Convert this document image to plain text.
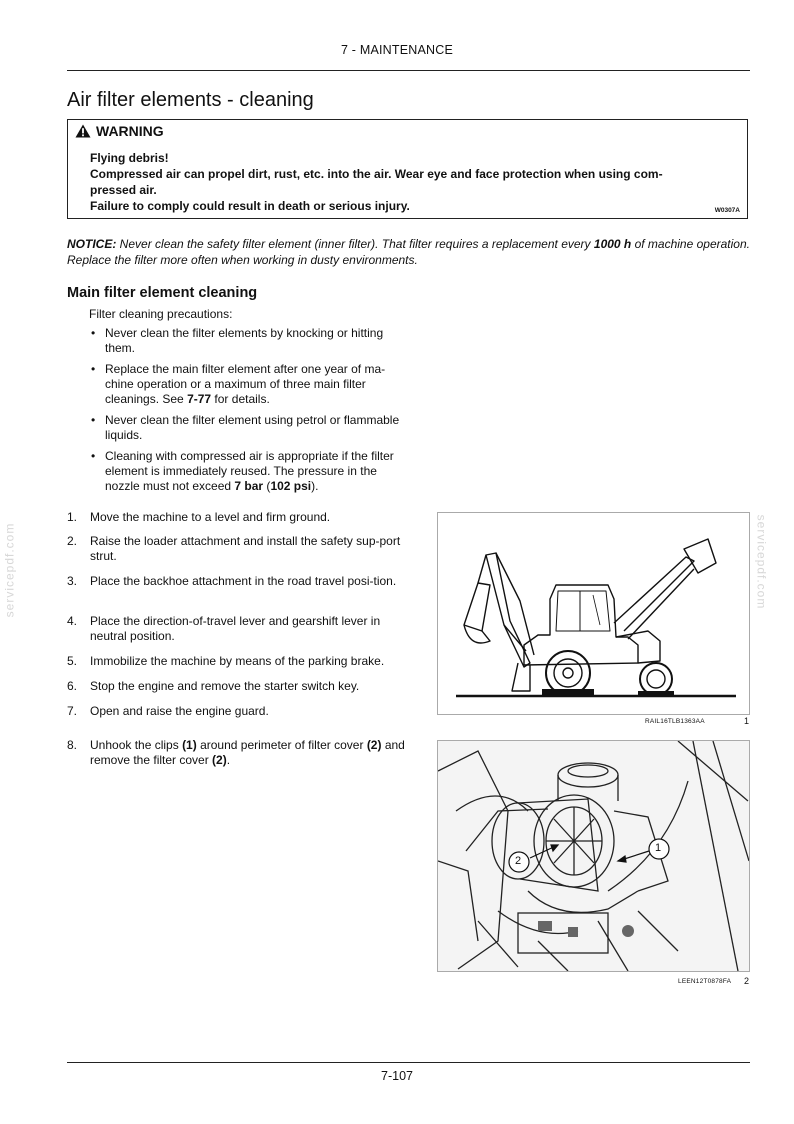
7 - MAINTENANCE
Air filter elements - cleaning
WARNING
Flying debris!
Compressed air can propel dirt, rust, etc. into the air. Wear eye and face protection when using com-
pressed air.
Failure to comply could result in death or serious injury.	W0307A
NOTICE: Never clean the safety filter element (inner filter). That filter requires a replacement every 1000 h of machine operation. Replace the filter more often when working in dusty environments.
Main filter element cleaning
Filter cleaning precautions:
• Never clean the filter elements by knocking or hitting them.
• Replace the main filter element after one year of ma-chine operation or a maximum of three main filter cleanings. See 7-77 for details.
• Never clean the filter element using petrol or flammable liquids.
• Cleaning with compressed air is appropriate if the filter element is immediately reused. The pressure in the nozzle must not exceed 7 bar (102 psi).
1. Move the machine to a level and firm ground.
2. Raise the loader attachment and install the safety sup-port strut.
3. Place the backhoe attachment in the road travel posi-tion.
4. Place the direction-of-travel lever and gearshift lever in neutral position.
5. Immobilize the machine by means of the parking brake.
6. Stop the engine and remove the starter switch key.
7. Open and raise the engine guard.
8. Unhook the clips (1) around perimeter of filter cover (2) and remove the filter cover (2).
RAIL16TLB1363AA	1
2
1
LEEN12T0878FA 2
servicepdf.com	servicepdf.com
7-107
